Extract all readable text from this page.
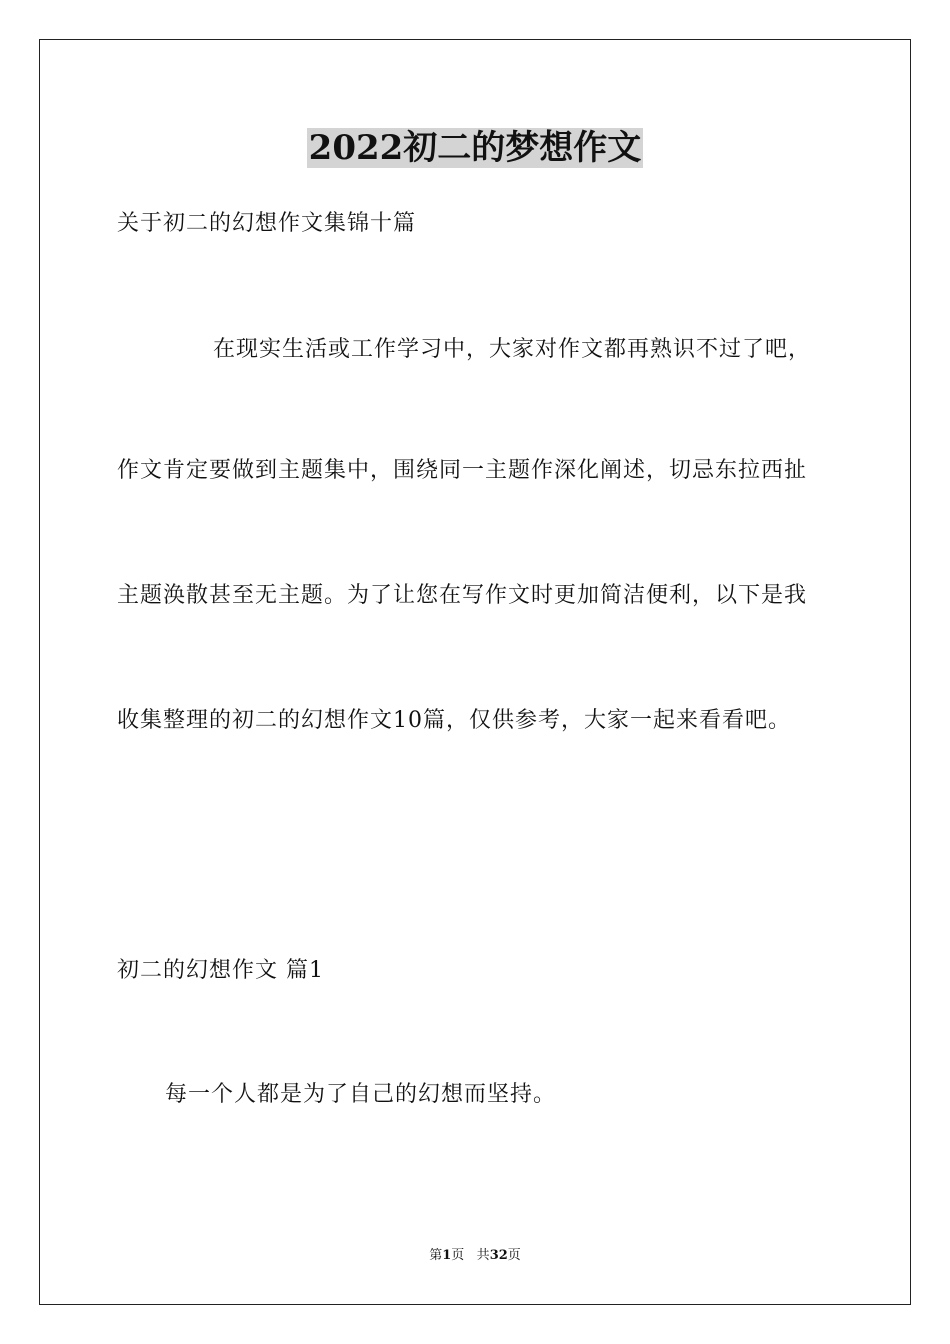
2022初二的梦想作文
关于初二的幻想作文集锦十篇
在现实生活或工作学习中，大家对作文都再熟识不过了吧，
作文肯定要做到主题集中，围绕同一主题作深化阐述，切忌东拉西扯
主题涣散甚至无主题。为了让您在写作文时更加简洁便利，以下是我
收集整理的初二的幻想作文10篇，仅供参考，大家一起来看看吧。
初二的幻想作文 篇1
每一个人都是为了自己的幻想而坚持。
第1页 共32页
